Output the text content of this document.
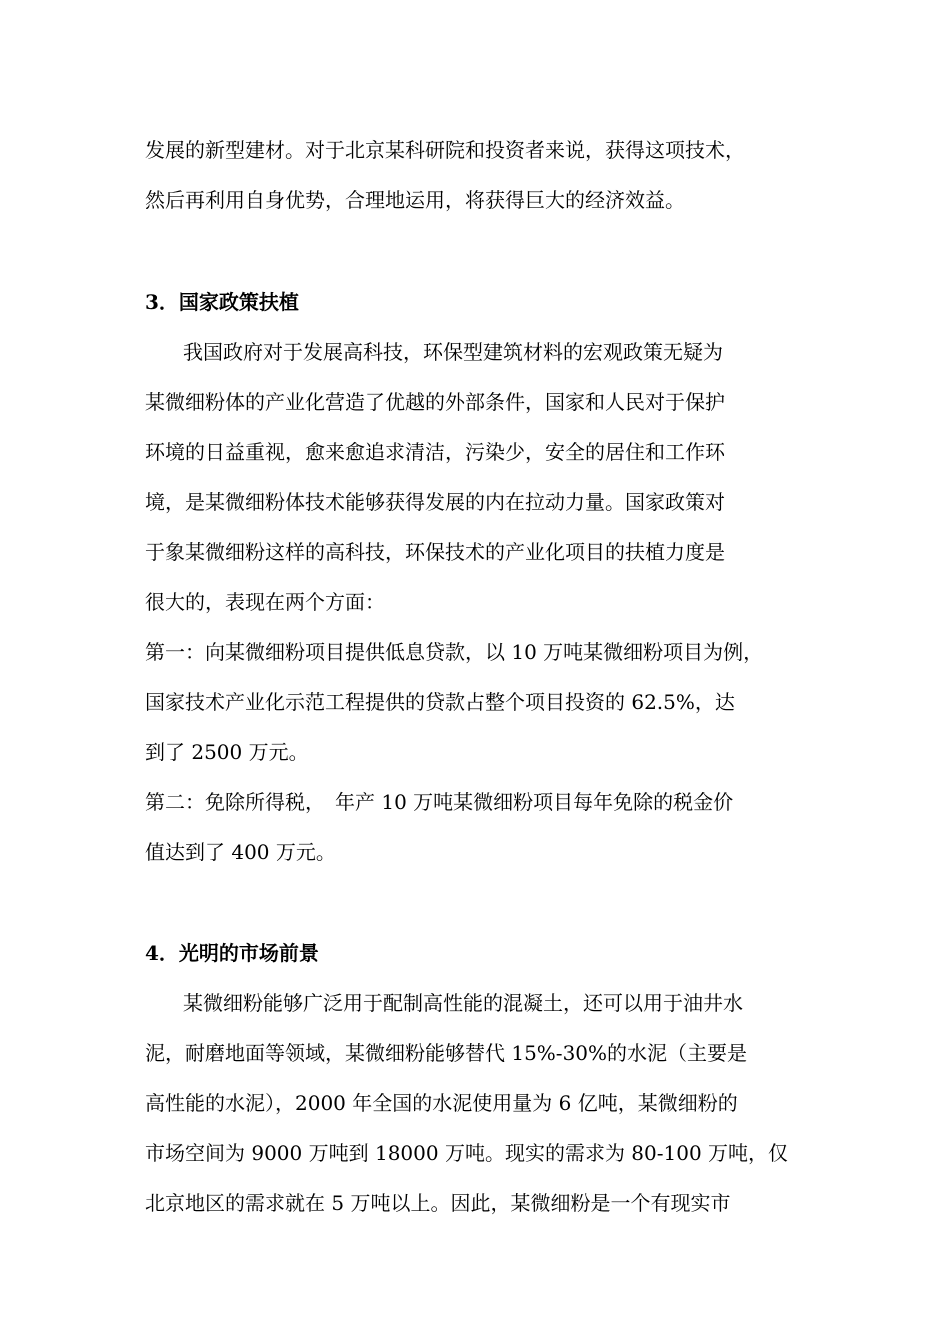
发展的新型建材。对于北京某科研院和投资者来说，获得这项技术，
然后再利用自身优势，合理地运用，将获得巨大的经济效益。
3．国家政策扶植
我国政府对于发展高科技，环保型建筑材料的宏观政策无疑为
某微细粉体的产业化营造了优越的外部条件，国家和人民对于保护
环境的日益重视，愈来愈追求清洁，污染少，安全的居住和工作环
境，是某微细粉体技术能够获得发展的内在拉动力量。国家政策对
于象某微细粉这样的高科技，环保技术的产业化项目的扶植力度是
很大的，表现在两个方面：
第一：向某微细粉项目提供低息贷款，以 10 万吨某微细粉项目为例，
国家技术产业化示范工程提供的贷款占整个项目投资的 62.5%，达
到了 2500 万元。
第二：免除所得税，　年产 10 万吨某微细粉项目每年免除的税金价
值达到了 400 万元。
4．光明的市场前景
某微细粉能够广泛用于配制高性能的混凝土，还可以用于油井水
泥，耐磨地面等领域，某微细粉能够替代 15%-30%的水泥（主要是
高性能的水泥），2000 年全国的水泥使用量为 6 亿吨，某微细粉的
市场空间为 9000 万吨到 18000 万吨。现实的需求为 80-100 万吨，仅
北京地区的需求就在 5 万吨以上。因此，某微细粉是一个有现实市
